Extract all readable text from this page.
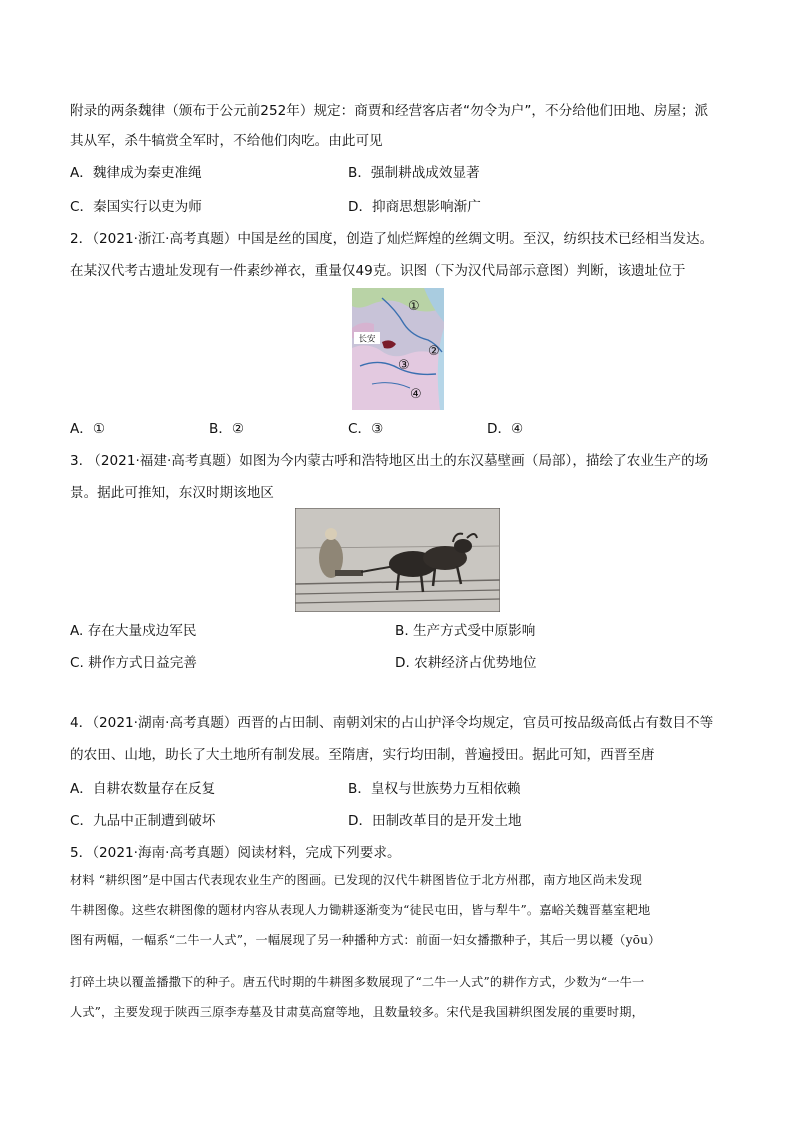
附录的两条魏律（颁布于公元前252年）规定：商贾和经营客店者“勿令为户”，不分给他们田地、房屋；派
其从军，杀牛犒赏全军时，不给他们肉吃。由此可见
A．魏律成为秦吏准绳	B．强制耕战成效显著
C．秦国实行以吏为师	D．抑商思想影响渐广
2．（2021·浙江·高考真题）中国是丝的国度，创造了灿烂辉煌的丝绸文明。至汉，纺织技术已经相当发达。
在某汉代考古遗址发现有一件素纱禅衣，重量仅49克。识图（下为汉代局部示意图）判断，该遗址位于
长安
①
②
③
④
A．①	B．②	C．③	D．④
3. （2021·福建·高考真题）如图为今内蒙古呼和浩特地区出土的东汉墓壁画（局部），描绘了农业生产的场
景。据此可推知，东汉时期该地区
A. 存在大量戍边军民	B. 生产方式受中原影响
C. 耕作方式日益完善	D. 农耕经济占优势地位
4．（2021·湖南·高考真题）西晋的占田制、南朝刘宋的占山护泽令均规定，官员可按品级高低占有数目不等
的农田、山地，助长了大土地所有制发展。至隋唐，实行均田制，普遍授田。据此可知，西晋至唐
A．自耕农数量存在反复	B．皇权与世族势力互相依赖
C．九品中正制遭到破坏	D．田制改革目的是开发土地
5．（2021·海南·高考真题）阅读材料，完成下列要求。
材料 “耕织图”是中国古代表现农业生产的图画。已发现的汉代牛耕图皆位于北方州郡，南方地区尚未发现
牛耕图像。这些农耕图像的题材内容从表现人力锄耕逐渐变为“徒民屯田，皆与犁牛”。嘉峪关魏晋墓室耙地
图有两幅，一幅系“二牛一人式”，一幅展现了另一种播种方式：前面一妇女播撒种子，其后一男以耰（yōu）
打碎土块以覆盖播撒下的种子。唐五代时期的牛耕图多数展现了“二牛一人式”的耕作方式，少数为“一牛一
人式”，主要发现于陕西三原李寿墓及甘肃莫高窟等地，且数量较多。宋代是我国耕织图发展的重要时期，
